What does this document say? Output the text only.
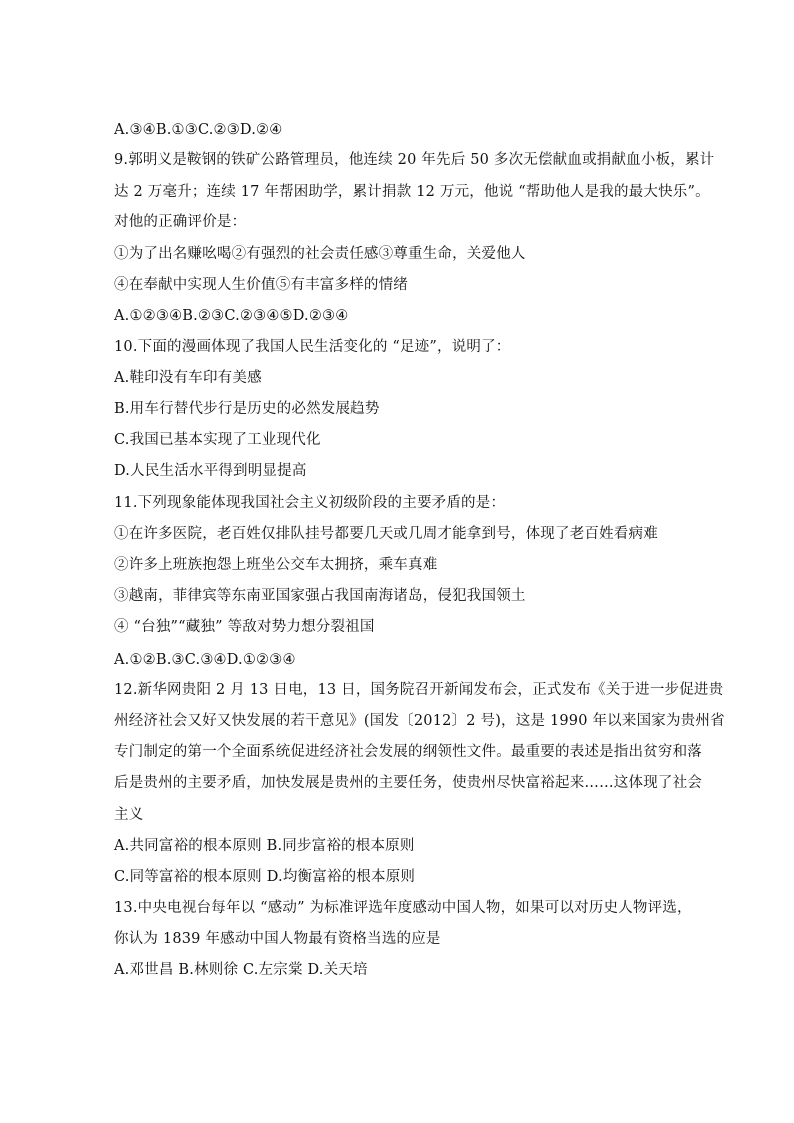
A.③④B.①③C.②③D.②④
9.郭明义是鞍钢的铁矿公路管理员，他连续 20 年先后 50 多次无偿献血或捐献血小板，累计
达 2 万毫升；连续 17 年帮困助学，累计捐款 12 万元，他说 “帮助他人是我的最大快乐”。
对他的正确评价是：
①为了出名赚吆喝②有强烈的社会责任感③尊重生命，关爱他人
④在奉献中实现人生价值⑤有丰富多样的情绪
A.①②③④B.②③C.②③④⑤D.②③④
10.下面的漫画体现了我国人民生活变化的 “足迹”，说明了：
A.鞋印没有车印有美感
B.用车行替代步行是历史的必然发展趋势
C.我国已基本实现了工业现代化
D.人民生活水平得到明显提高
11.下列现象能体现我国社会主义初级阶段的主要矛盾的是：
①在许多医院，老百姓仅排队挂号都要几天或几周才能拿到号，体现了老百姓看病难
②许多上班族抱怨上班坐公交车太拥挤，乘车真难
③越南，菲律宾等东南亚国家强占我国南海诸岛，侵犯我国领土
④ “台独”“藏独” 等敌对势力想分裂祖国
A.①②B.③C.③④D.①②③④
12.新华网贵阳 2 月 13 日电，13 日，国务院召开新闻发布会，正式发布《关于进一步促进贵
州经济社会又好又快发展的若干意见》(国发〔2012〕2 号)，这是 1990 年以来国家为贵州省
专门制定的第一个全面系统促进经济社会发展的纲领性文件。最重要的表述是指出贫穷和落
后是贵州的主要矛盾，加快发展是贵州的主要任务，使贵州尽快富裕起来……这体现了社会
主义
A.共同富裕的根本原则 B.同步富裕的根本原则
C.同等富裕的根本原则 D.均衡富裕的根本原则
13.中央电视台每年以 “感动” 为标准评选年度感动中国人物，如果可以对历史人物评选，
你认为 1839 年感动中国人物最有资格当选的应是
A.邓世昌 B.林则徐 C.左宗棠 D.关天培
